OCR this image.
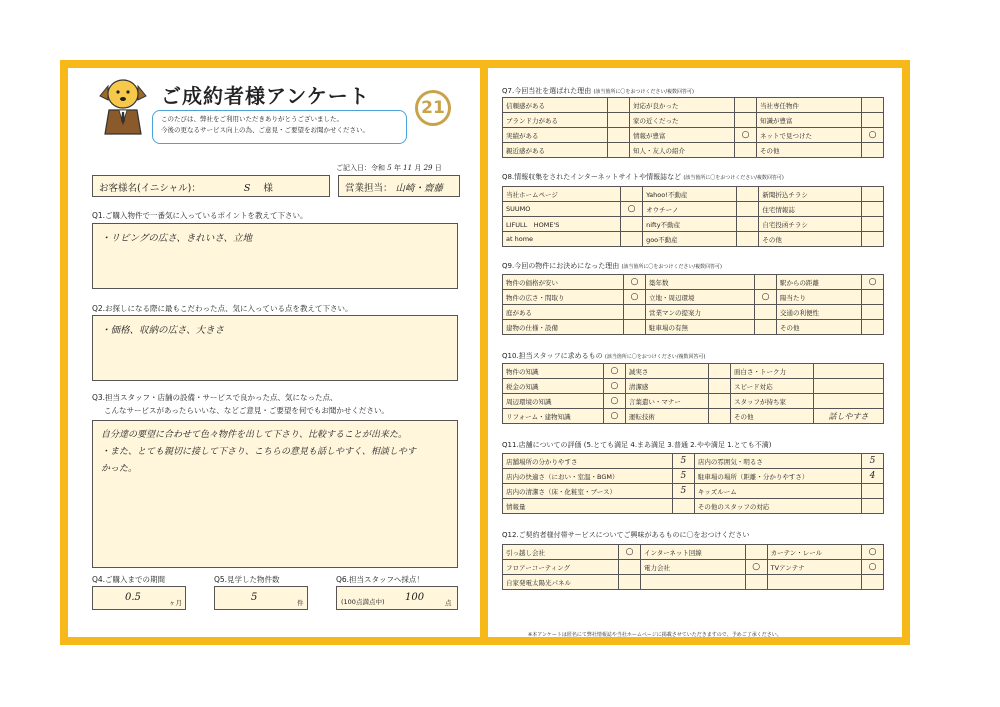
ご成約者様アンケート
このたびは、弊社をご利用いただきありがとうございました。
今後の更なるサービス向上の為、ご意見・ご要望をお聞かせください。
21
ご記入日：令和 5 年 11 月 29 日
お客様名(イニシャル)：	S 様	営業担当： 山崎・齋藤
Q1.ご購入物件で一番気に入っているポイントを教えて下さい。
・リビングの広さ、きれいさ、立地
Q2.お探しになる際に最もこだわった点、気に入っている点を教えて下さい。
・価格、収納の広さ、大きさ
Q3.担当スタッフ・店舗の設備・サービスで良かった点、気になった点、
こんなサービスがあったらいいな、などご意見・ご要望を何でもお聞かせください。
自分達の要望に合わせて色々物件を出して下さり、比較することが出来た。
・また、とても親切に接して下さり、こちらの意見も話しやすく、相談しやす
かった。
Q4.ご購入までの期間
0.5	ヶ月
Q5.見学した物件数
5	件
Q6.担当スタッフへ採点！
(100点満点中) 100	点
Q7.今回当社を選ばれた理由 (該当箇所に〇をおつけください/複数回答可)
信頼感がある		対応が良かった		当社専任物件	
ブランド力がある		家の近くだった		知識が豊富	
実績がある		情報が豊富	○	ネットで見つけた	○
親近感がある		知人・友人の紹介		その他	
Q8.情報収集をされたインターネットサイトや情報誌など (該当箇所に〇をおつけください/複数回答可)
当社ホームページ		Yahoo!不動産		新聞折込チラシ	
SUUMO	○	オウチーノ		住宅情報誌	
LIFULL　HOME'S		nifty不動産		自宅投函チラシ	
at home		goo不動産		その他	
Q9.今回の物件にお決めになった理由 (該当箇所に〇をおつけください/複数回答可)
物件の価格が安い	○	築年数		駅からの距離	○
物件の広さ・間取り	○	立地・周辺環境	○	陽当たり	
庭がある		営業マンの提案力		交通の利便性	
建物の仕様・設備		駐車場の有無		その他	
Q10.担当スタッフに求めるもの (該当箇所に〇をおつけください/複数回答可)
物件の知識	○	誠実さ		面白さ・トーク力	
税金の知識	○	清潔感		スピード対応	
周辺環境の知識	○	言葉遣い・マナー		スタッフが持ち家	
リフォーム・建物知識	○	運転技術		その他	話しやすさ
Q11.店舗についての評価 (5.とても満足 4.まあ満足 3.普通 2.やや満足 1.とても不満)
店舗場所の分かりやすさ	5	店内の雰囲気・明るさ	5
店内の快適さ（におい・室温・BGM）	5	駐車場の場所（距離・分かりやすさ）	4
店内の清潔さ（床・化粧室・ブース）	5	キッズルーム	
情報量		その他のスタッフの対応	
Q12.ご契約者様付帯サービスについてご興味があるものに〇をおつけください
引っ越し会社	○	インターネット回線		カーテン・レール	○
フロアーコーティング		電力会社	○	TVアンテナ	○
自家発電太陽光パネル					
※本アンケートは匿名にて弊社情報誌や当社ホームページに掲載させていただきますので、予めご了承ください。
